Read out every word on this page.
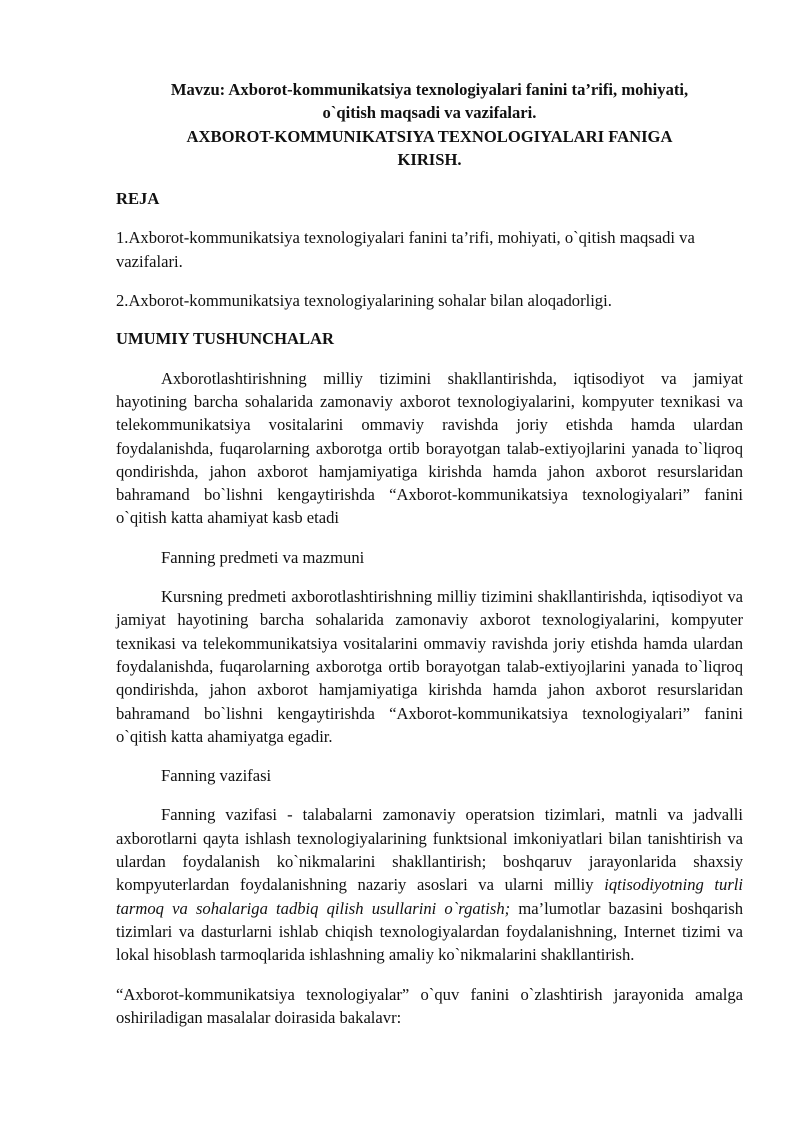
Mavzu: Axborot-kommunikatsiya texnologiyalari fanini ta’rifi, mohiyati,
o`qitish maqsadi va vazifalari.
AXBOROT-KOMMUNIKATSIYA TEXNOLOGIYALARI FANIGA
KIRISH.

REJA

1.Axborot-kommunikatsiya texnologiyalari fanini ta’rifi, mohiyati, o`qitish maqsadi va vazifalari.

2.Axborot-kommunikatsiya texnologiyalarining sohalar bilan aloqadorligi.

UMUMIY TUSHUNCHALAR

Axborotlashtirishning milliy tizimini shakllantirishda, iqtisodiyot va jamiyat hayotining barcha sohalarida zamonaviy axborot texnologiyalarini, kompyuter texnikasi va telekommunikatsiya vositalarini ommaviy ravishda joriy etishda hamda ulardan foydalanishda, fuqarolarning axborotga ortib borayotgan talab-extiyojlarini yanada to`liqroq qondirishda, jahon axborot hamjamiyatiga kirishda hamda jahon axborot resurslaridan bahramand bo`lishni kengaytirishda “Axborot-kommunikatsiya texnologiyalari” fanini o`qitish katta ahamiyat kasb etadi

Fanning predmeti va mazmuni

Kursning predmeti axborotlashtirishning milliy tizimini shakllantirishda, iqtisodiyot va jamiyat hayotining barcha sohalarida zamonaviy axborot texnologiyalarini, kompyuter texnikasi va telekommunikatsiya vositalarini ommaviy ravishda joriy etishda hamda ulardan foydalanishda, fuqarolarning axborotga ortib borayotgan talab-extiyojlarini yanada to`liqroq qondirishda, jahon axborot hamjamiyatiga kirishda hamda jahon axborot resurslaridan bahramand bo`lishni kengaytirishda “Axborot-kommunikatsiya texnologiyalari” fanini o`qitish katta ahamiyatga egadir.

Fanning vazifasi

Fanning vazifasi - talabalarni zamonaviy operatsion tizimlari, matnli va jadvalli axborotlarni qayta ishlash texnologiyalarining funktsional imkoniyatlari bilan tanishtirish va ulardan foydalanish ko`nikmalarini shakllantirish; boshqaruv jarayonlarida shaxsiy kompyuterlardan foydalanishning nazariy asoslari va ularni milliy iqtisodiyotning turli tarmoq va sohalariga tadbiq qilish usullarini o`rgatish; ma’lumotlar bazasini boshqarish tizimlari va dasturlarni ishlab chiqish texnologiyalardan foydalanishning, Internet tizimi va lokal hisoblash tarmoqlarida ishlashning amaliy ko`nikmalarini shakllantirish.

“Axborot-kommunikatsiya texnologiyalar” o`quv fanini o`zlashtirish jarayonida amalga oshiriladigan masalalar doirasida bakalavr:
